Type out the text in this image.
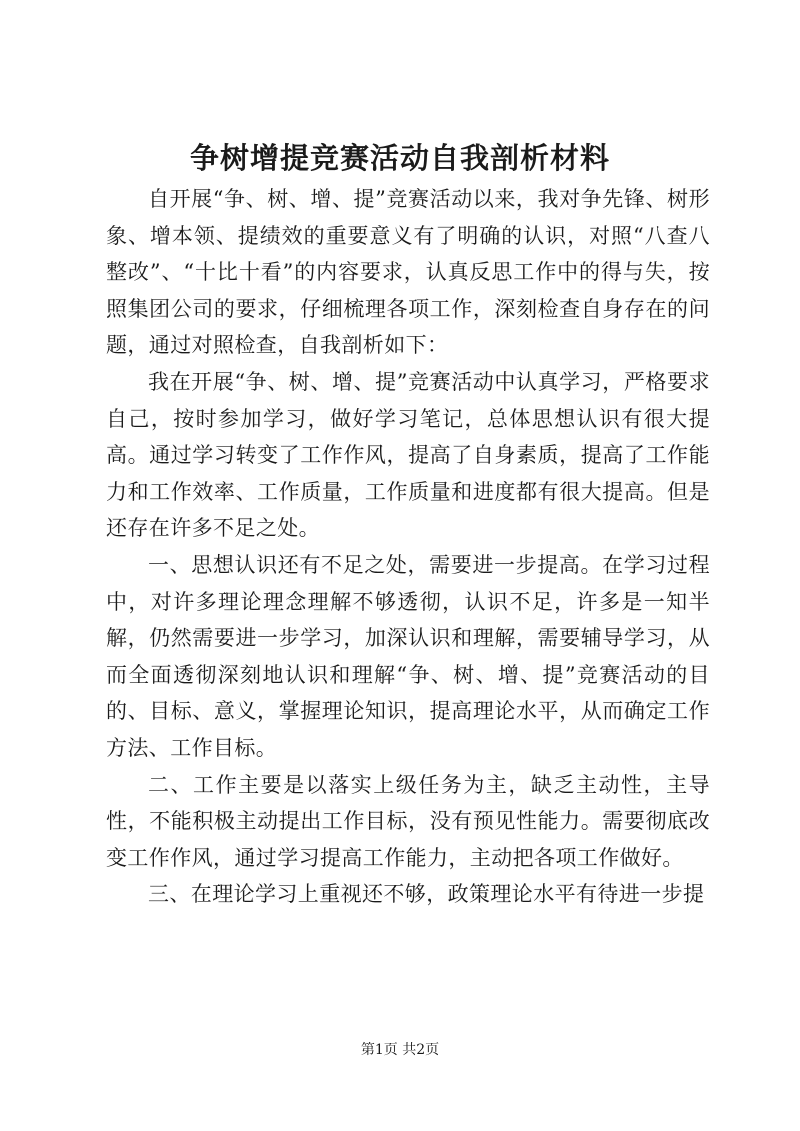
争树增提竞赛活动自我剖析材料

自开展“争、树、增、提”竞赛活动以来，我对争先锋、树形象、增本领、提绩效的重要意义有了明确的认识，对照“八查八整改”、“十比十看”的内容要求，认真反思工作中的得与失，按照集团公司的要求，仔细梳理各项工作，深刻检查自身存在的问题，通过对照检查，自我剖析如下：

我在开展“争、树、增、提”竞赛活动中认真学习，严格要求自己，按时参加学习，做好学习笔记，总体思想认识有很大提高。通过学习转变了工作作风，提高了自身素质，提高了工作能力和工作效率、工作质量，工作质量和进度都有很大提高。但是还存在许多不足之处。

一、思想认识还有不足之处，需要进一步提高。在学习过程中，对许多理论理念理解不够透彻，认识不足，许多是一知半解，仍然需要进一步学习，加深认识和理解，需要辅导学习，从而全面透彻深刻地认识和理解“争、树、增、提”竞赛活动的目的、目标、意义，掌握理论知识，提高理论水平，从而确定工作方法、工作目标。

二、工作主要是以落实上级任务为主，缺乏主动性，主导性，不能积极主动提出工作目标，没有预见性能力。需要彻底改变工作作风，通过学习提高工作能力，主动把各项工作做好。

三、在理论学习上重视还不够，政策理论水平有待进一步提

第1页 共2页
